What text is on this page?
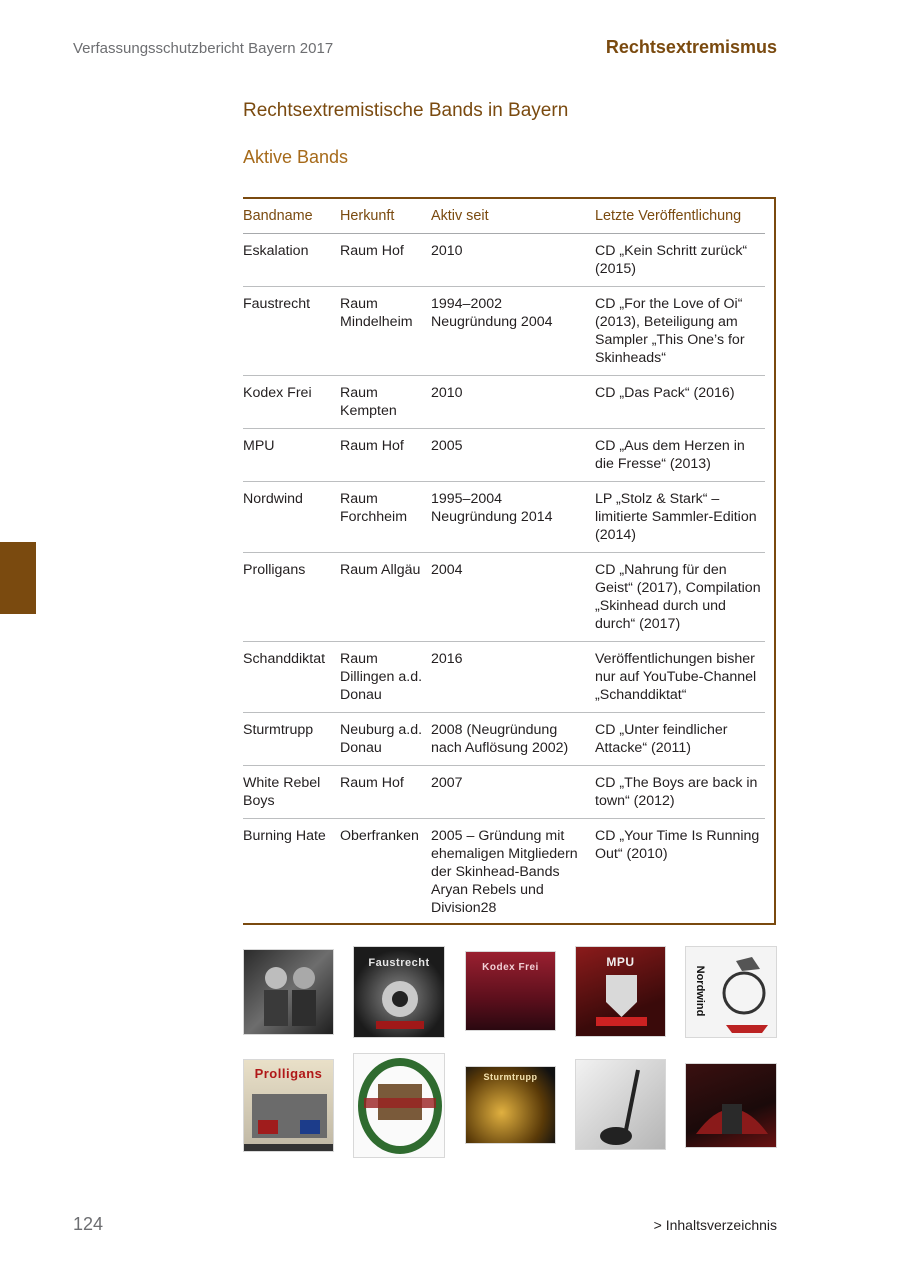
Verfassungsschutzbericht Bayern 2017	Rechtsextremismus
Rechtsextremistische Bands in Bayern
Aktive Bands
Bandname	Herkunft	Aktiv seit	Letzte Veröffentlichung
Eskalation	Raum Hof	2010	CD „Kein Schritt zurück“ (2015)
Faustrecht	Raum Mindelheim	1994–2002 Neugründung 2004	CD „For the Love of Oi“ (2013), Beteiligung am Sampler „This One’s for Skinheads“
Kodex Frei	Raum Kempten	2010	CD „Das Pack“ (2016)
MPU	Raum Hof	2005	CD „Aus dem Herzen in die Fresse“ (2013)
Nordwind	Raum Forchheim	1995–2004 Neugründung 2014	LP „Stolz & Stark“ – limitierte Sammler-Edition (2014)
Prolligans	Raum Allgäu	2004	CD „Nahrung für den Geist“ (2017), Compilation „Skinhead durch und durch“ (2017)
Schanddiktat	Raum Dillingen a.d. Donau	2016	Veröffentlichungen bisher nur auf YouTube-Channel „Schanddiktat“
Sturmtrupp	Neuburg a.d. Donau	2008 (Neugründung nach Auflösung 2002)	CD „Unter feindlicher Attacke“ (2011)
White Rebel Boys	Raum Hof	2007	CD „The Boys are back in town“ (2012)
Burning Hate	Oberfranken	2005 – Gründung mit ehemaligen Mitgliedern der Skinhead-Bands Aryan Rebels und Division28	CD „Your Time Is Running Out“ (2010)
Faustrecht	Kodex Frei	MPU
Nordwind
Prolligans	Sturmtrupp
124	> Inhaltsverzeichnis
